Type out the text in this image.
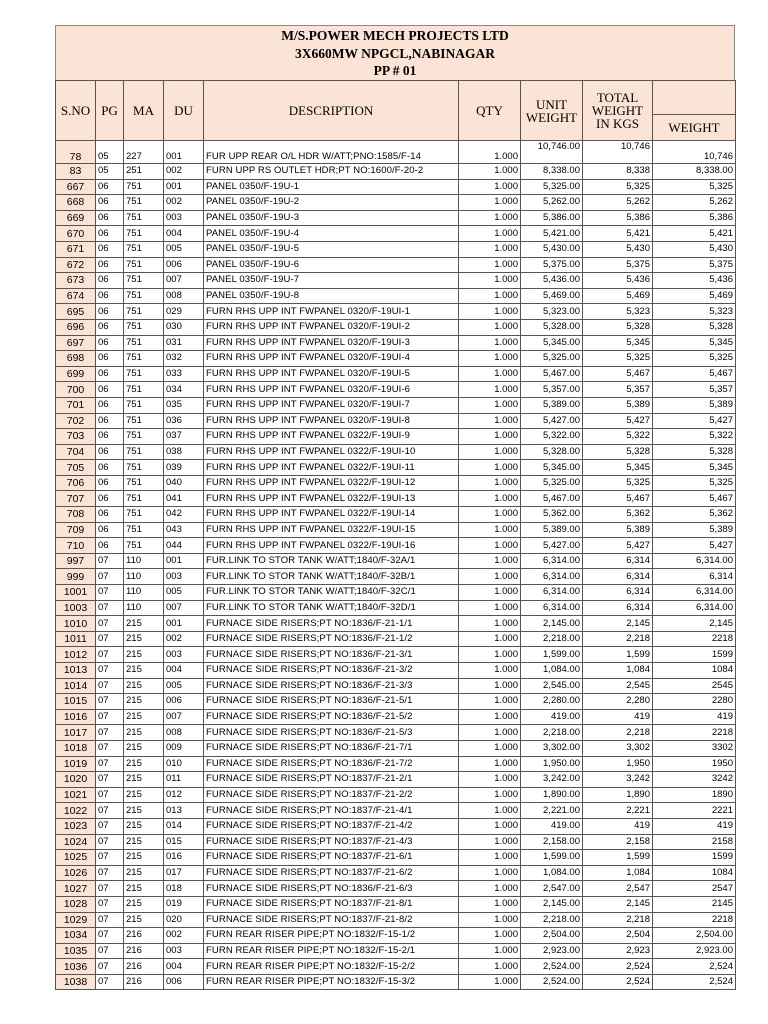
M/S.POWER MECH PROJECTS LTD
3X660MW NPGCL,NABINAGAR
PP # 01
S.NO	PG	MA	DU	DESCRIPTION	QTY	UNIT WEIGHT	TOTAL WEIGHT IN KGS	
								WEIGHT
78	05	227	001	FUR UPP REAR O/L HDR W/ATT;PNO:1585/F-14	1.000	10,746.00	10,746	10,746
83	05	251	002	FURN UPP RS OUTLET HDR;PT NO:1600/F-20-2	1.000	8,338.00	8,338	8,338.00
667	06	751	001	PANEL 0350/F-19U-1	1.000	5,325.00	5,325	5,325
668	06	751	002	PANEL 0350/F-19U-2	1.000	5,262.00	5,262	5,262
669	06	751	003	PANEL 0350/F-19U-3	1.000	5,386.00	5,386	5,386
670	06	751	004	PANEL 0350/F-19U-4	1.000	5,421.00	5,421	5,421
671	06	751	005	PANEL 0350/F-19U-5	1.000	5,430.00	5,430	5,430
672	06	751	006	PANEL 0350/F-19U-6	1.000	5,375.00	5,375	5,375
673	06	751	007	PANEL 0350/F-19U-7	1.000	5,436.00	5,436	5,436
674	06	751	008	PANEL 0350/F-19U-8	1.000	5,469.00	5,469	5,469
695	06	751	029	FURN RHS UPP INT FWPANEL 0320/F-19UI-1	1.000	5,323.00	5,323	5,323
696	06	751	030	FURN RHS UPP INT FWPANEL 0320/F-19UI-2	1.000	5,328.00	5,328	5,328
697	06	751	031	FURN RHS UPP INT FWPANEL 0320/F-19UI-3	1.000	5,345.00	5,345	5,345
698	06	751	032	FURN RHS UPP INT FWPANEL 0320/F-19UI-4	1.000	5,325.00	5,325	5,325
699	06	751	033	FURN RHS UPP INT FWPANEL 0320/F-19UI-5	1.000	5,467.00	5,467	5,467
700	06	751	034	FURN RHS UPP INT FWPANEL 0320/F-19UI-6	1.000	5,357.00	5,357	5,357
701	06	751	035	FURN RHS UPP INT FWPANEL 0320/F-19UI-7	1.000	5,389.00	5,389	5,389
702	06	751	036	FURN RHS UPP INT FWPANEL 0320/F-19UI-8	1.000	5,427.00	5,427	5,427
703	06	751	037	FURN RHS UPP INT FWPANEL 0322/F-19UI-9	1.000	5,322.00	5,322	5,322
704	06	751	038	FURN RHS UPP INT FWPANEL 0322/F-19UI-10	1.000	5,328.00	5,328	5,328
705	06	751	039	FURN RHS UPP INT FWPANEL 0322/F-19UI-11	1.000	5,345.00	5,345	5,345
706	06	751	040	FURN RHS UPP INT FWPANEL 0322/F-19UI-12	1.000	5,325.00	5,325	5,325
707	06	751	041	FURN RHS UPP INT FWPANEL 0322/F-19UI-13	1.000	5,467.00	5,467	5,467
708	06	751	042	FURN RHS UPP INT FWPANEL 0322/F-19UI-14	1.000	5,362.00	5,362	5,362
709	06	751	043	FURN RHS UPP INT FWPANEL 0322/F-19UI-15	1.000	5,389.00	5,389	5,389
710	06	751	044	FURN RHS UPP INT FWPANEL 0322/F-19UI-16	1.000	5,427.00	5,427	5,427
997	07	110	001	FUR.LINK TO STOR TANK W/ATT;1840/F-32A/1	1.000	6,314.00	6,314	6,314.00
999	07	110	003	FUR.LINK TO STOR TANK W/ATT;1840/F-32B/1	1.000	6,314.00	6,314	6,314
1001	07	110	005	FUR.LINK TO STOR TANK W/ATT;1840/F-32C/1	1.000	6,314.00	6,314	6,314.00
1003	07	110	007	FUR.LINK TO STOR TANK W/ATT;1840/F-32D/1	1.000	6,314.00	6,314	6,314.00
1010	07	215	001	FURNACE SIDE RISERS;PT NO:1836/F-21-1/1	1.000	2,145.00	2,145	2,145
1011	07	215	002	FURNACE SIDE RISERS;PT NO:1836/F-21-1/2	1.000	2,218.00	2,218	2218
1012	07	215	003	FURNACE SIDE RISERS;PT NO:1836/F-21-3/1	1.000	1,599.00	1,599	1599
1013	07	215	004	FURNACE SIDE RISERS;PT NO:1836/F-21-3/2	1.000	1,084.00	1,084	1084
1014	07	215	005	FURNACE SIDE RISERS;PT NO:1836/F-21-3/3	1.000	2,545.00	2,545	2545
1015	07	215	006	FURNACE SIDE RISERS;PT NO:1836/F-21-5/1	1.000	2,280.00	2,280	2280
1016	07	215	007	FURNACE SIDE RISERS;PT NO:1836/F-21-5/2	1.000	419.00	419	419
1017	07	215	008	FURNACE SIDE RISERS;PT NO:1836/F-21-5/3	1.000	2,218.00	2,218	2218
1018	07	215	009	FURNACE SIDE RISERS;PT NO:1836/F-21-7/1	1.000	3,302.00	3,302	3302
1019	07	215	010	FURNACE SIDE RISERS;PT NO:1836/F-21-7/2	1.000	1,950.00	1,950	1950
1020	07	215	011	FURNACE SIDE RISERS;PT NO:1837/F-21-2/1	1.000	3,242.00	3,242	3242
1021	07	215	012	FURNACE SIDE RISERS;PT NO:1837/F-21-2/2	1.000	1,890.00	1,890	1890
1022	07	215	013	FURNACE SIDE RISERS;PT NO:1837/F-21-4/1	1.000	2,221.00	2,221	2221
1023	07	215	014	FURNACE SIDE RISERS;PT NO:1837/F-21-4/2	1.000	419.00	419	419
1024	07	215	015	FURNACE SIDE RISERS;PT NO:1837/F-21-4/3	1.000	2,158.00	2,158	2158
1025	07	215	016	FURNACE SIDE RISERS;PT NO:1837/F-21-6/1	1.000	1,599.00	1,599	1599
1026	07	215	017	FURNACE SIDE RISERS;PT NO:1837/F-21-6/2	1.000	1,084.00	1,084	1084
1027	07	215	018	FURNACE SIDE RISERS;PT NO:1836/F-21-6/3	1.000	2,547.00	2,547	2547
1028	07	215	019	FURNACE SIDE RISERS;PT NO:1837/F-21-8/1	1.000	2,145.00	2,145	2145
1029	07	215	020	FURNACE SIDE RISERS;PT NO:1837/F-21-8/2	1.000	2,218.00	2,218	2218
1034	07	216	002	FURN REAR RISER PIPE;PT NO:1832/F-15-1/2	1.000	2,504.00	2,504	2,504.00
1035	07	216	003	FURN REAR RISER PIPE;PT NO:1832/F-15-2/1	1.000	2,923.00	2,923	2,923.00
1036	07	216	004	FURN REAR RISER PIPE;PT NO:1832/F-15-2/2	1.000	2,524.00	2,524	2,524
1038	07	216	006	FURN REAR RISER PIPE;PT NO:1832/F-15-3/2	1.000	2,524.00	2,524	2,524
